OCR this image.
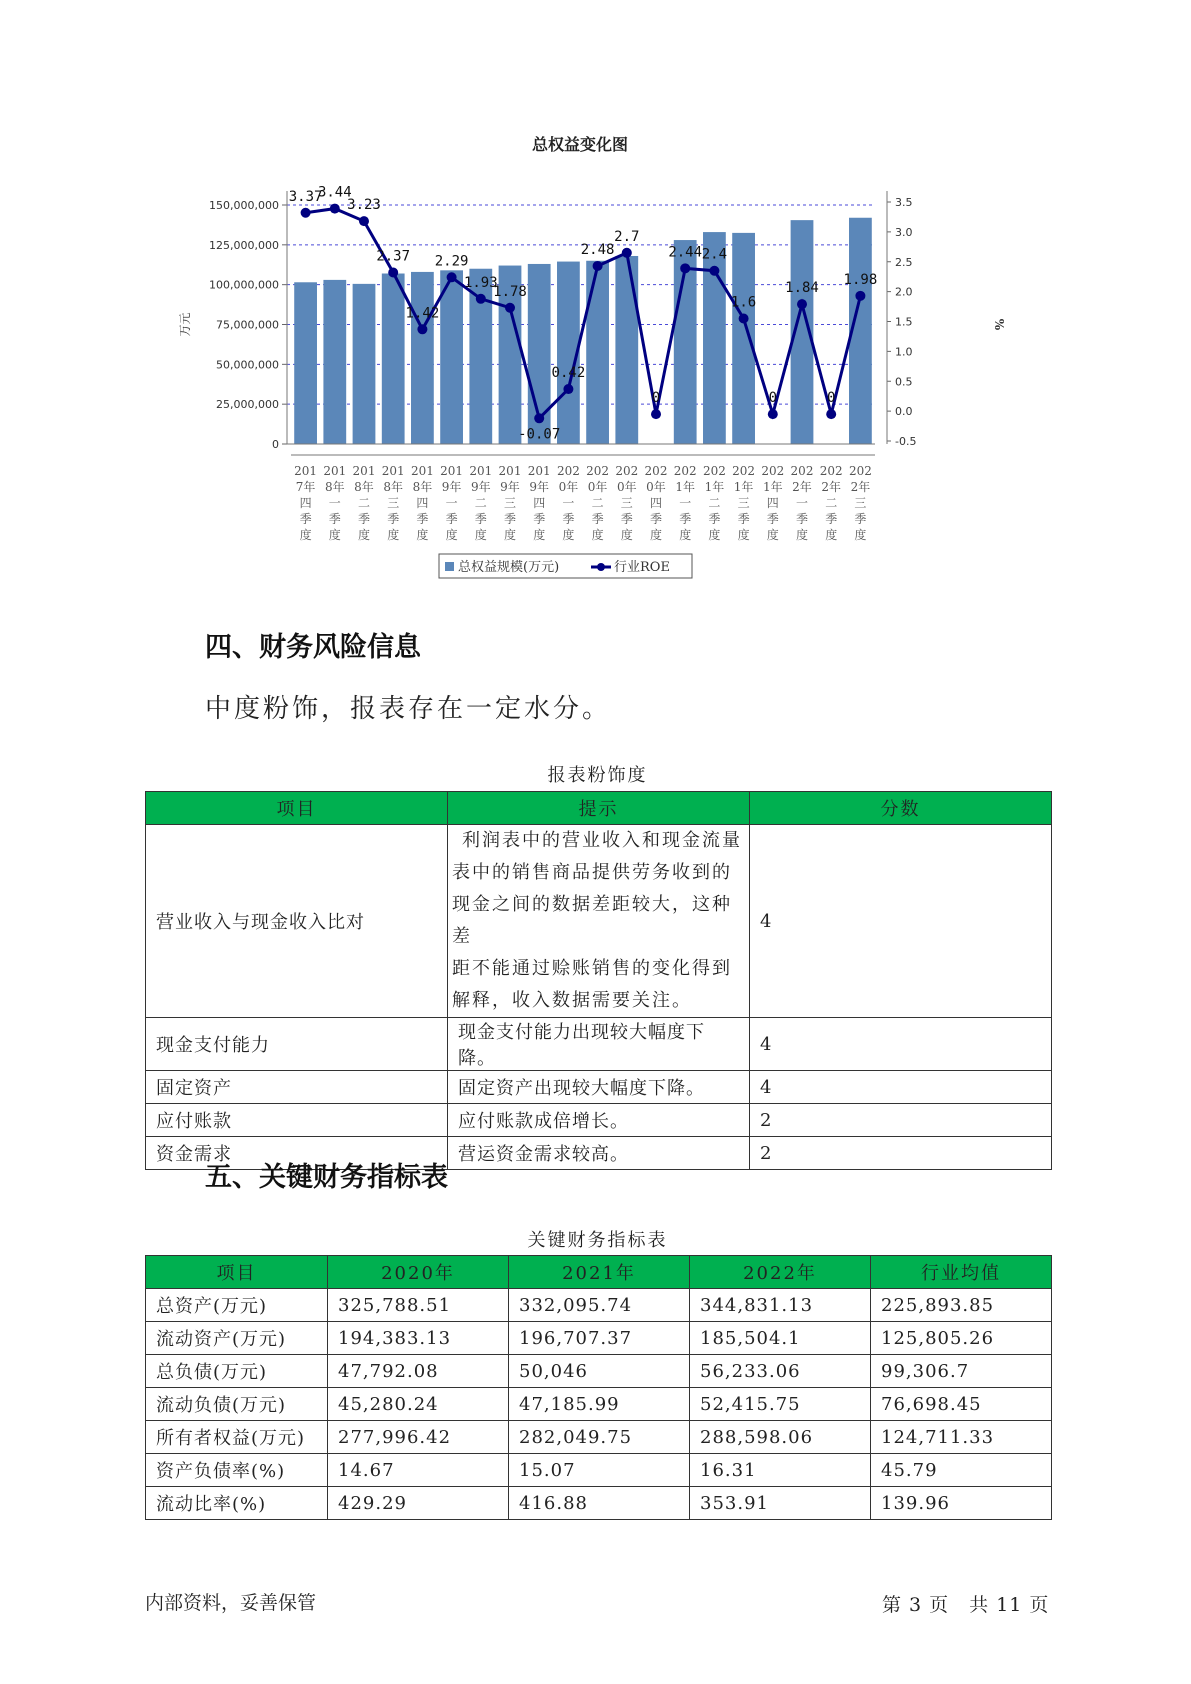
总权益变化图
150,000,000
125,000,000
100,000,000
75,000,000
50,000,000
25,000,000
0
3.5
3.0
2.5
2.0
1.5
1.0
0.5
0.0
-0.5
万元	%
3.37
3.44
3.23
2.37
1.42
2.29
1.93
1.78
-0.07
0.42
2.48
2.7
0
2.44 2.4
1.6
0
1.84
0
1.98
201
7年
四
季
度
201
8年
一
季
度
201
8年
二
季
度
201
8年
三
季
度
201
8年
四
季
度
201
9年
一
季
度
201
9年
二
季
度
201
9年
三
季
度
201
9年
四
季
度
202
0年
一
季
度
202
0年
二
季
度
202
0年
三
季
度
202
0年
四
季
度
202
1年
一
季
度
202
1年
二
季
度
202
1年
三
季
度
202
1年
四
季
度
202
2年
一
季
度
202
2年
二
季
度
202
2年
三
季
度
总权益规模(万元)	行业ROE
四、财务风险信息
中度粉饰，报表存在一定水分。
报表粉饰度
项目	提示	分数
营业收入与现金收入比对	利润表中的营业收入和现金流量
表中的销售商品提供劳务收到的
现金之间的数据差距较大，这种差
距不能通过赊账销售的变化得到
解释，收入数据需要关注。	4
现金支付能力	现金支付能力出现较大幅度下降。	4
固定资产	固定资产出现较大幅度下降。	4
应付账款	应付账款成倍增长。	2
资金需求	营运资金需求较高。	2
五、关键财务指标表
关键财务指标表
项目	2020年	2021年	2022年	行业均值
总资产(万元)	325,788.51	332,095.74	344,831.13	225,893.85
流动资产(万元)	194,383.13	196,707.37	185,504.1	125,805.26
总负债(万元)	47,792.08	50,046	56,233.06	99,306.7
流动负债(万元)	45,280.24	47,185.99	52,415.75	76,698.45
所有者权益(万元)	277,996.42	282,049.75	288,598.06	124,711.33
资产负债率(%)	14.67	15.07	16.31	45.79
流动比率(%)	429.29	416.88	353.91	139.96
内部资料，妥善保管	第 3 页　共 11 页
